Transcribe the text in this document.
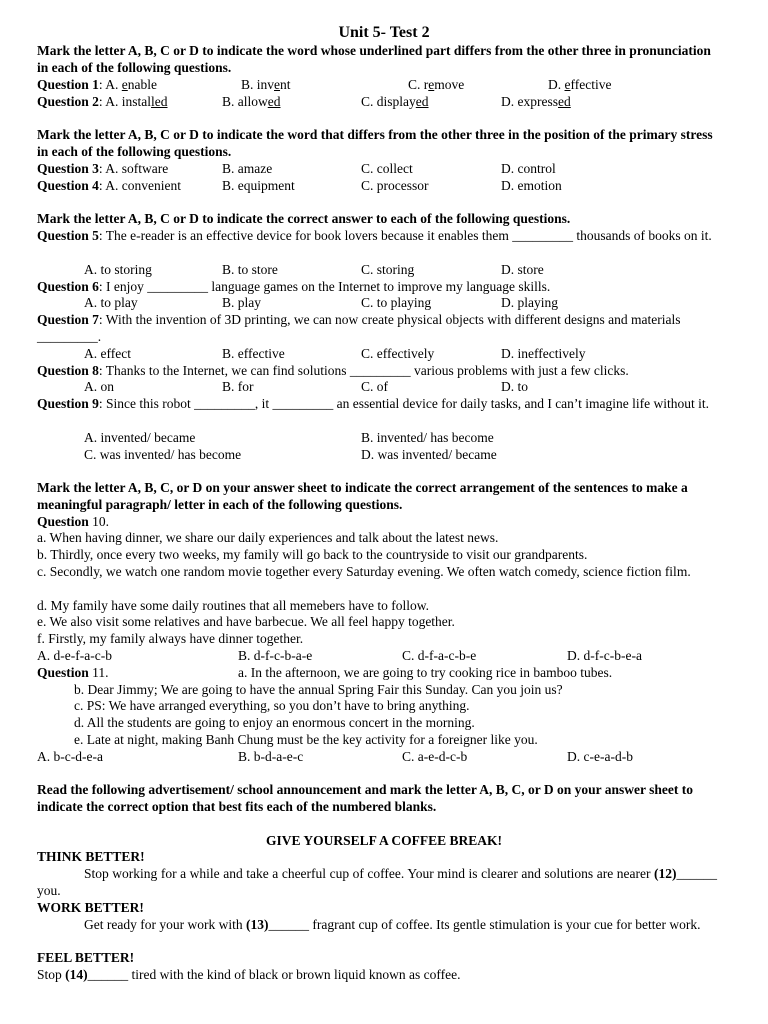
Unit 5- Test 2
Mark the letter A, B, C or D to indicate the word whose underlined part differs from the other three in pronunciation in each of the following questions.
Question 1: A. enable	B. invent	C. remove	D. effective
Question 2: A. installed	B. allowed	C. displayed	D. expressed
Mark the letter A, B, C or D to indicate the word that differs from the other three in the position of the primary stress in each of the following questions.
Question 3: A. software	B. amaze	C. collect	D. control
Question 4: A. convenient	B. equipment	C. processor	D. emotion
Mark the letter A, B, C or D to indicate the correct answer to each of the following questions.
Question 5: The e-reader is an effective device for book lovers because it enables them _________ thousands of books on it.
A. to storing	B. to store	C. storing	D. store
Question 6: I enjoy _________ language games on the Internet to improve my language skills.
A. to play	B. play	C. to playing	D. playing
Question 7: With the invention of 3D printing, we can now create physical objects with different designs and materials _________.
A. effect	B. effective	C. effectively	D. ineffectively
Question 8: Thanks to the Internet, we can find solutions _________ various problems with just a few clicks.
A. on	B. for	C. of	D. to
Question 9: Since this robot _________, it _________ an essential device for daily tasks, and I can’t imagine life without it.
A. invented/ became	B. invented/ has become
C. was invented/ has become	D. was invented/ became
Mark the letter A, B, C, or D on your answer sheet to indicate the correct arrangement of the sentences to make a meaningful paragraph/ letter in each of the following questions.
Question 10.
a. When having dinner, we share our daily experiences and talk about the latest news.
b. Thirdly, once every two weeks, my family will go back to the countryside to visit our grandparents.
c. Secondly, we watch one random movie together every Saturday evening. We often watch comedy, science fiction film.
d. My family have some daily routines that all memebers have to follow.
e. We also visit some relatives and have barbecue. We all feel happy together.
f. Firstly, my family always have dinner together.
A. d-e-f-a-c-b	B. d-f-c-b-a-e	C. d-f-a-c-b-e	D. d-f-c-b-e-a
Question 11.	a. In the afternoon, we are going to try cooking rice in bamboo tubes.
b. Dear Jimmy; We are going to have the annual Spring Fair this Sunday. Can you join us?
c. PS: We have arranged everything, so you don’t have to bring anything.
d. All the students are going to enjoy an enormous concert in the morning.
e. Late at night, making Banh Chung must be the key activity for a foreigner like you.
A. b-c-d-e-a	B. b-d-a-e-c	C. a-e-d-c-b	D. c-e-a-d-b
Read the following advertisement/ school announcement and mark the letter A, B, C, or D on your answer sheet to indicate the correct option that best fits each of the numbered blanks.
GIVE YOURSELF A COFFEE BREAK!
THINK BETTER!
Stop working for a while and take a cheerful cup of coffee. Your mind is clearer and solutions are nearer (12)______ you.
WORK BETTER!
Get ready for your work with (13)______ fragrant cup of coffee. Its gentle stimulation is your cue for better work.
FEEL BETTER!
Stop (14)______ tired with the kind of black or brown liquid known as coffee.
